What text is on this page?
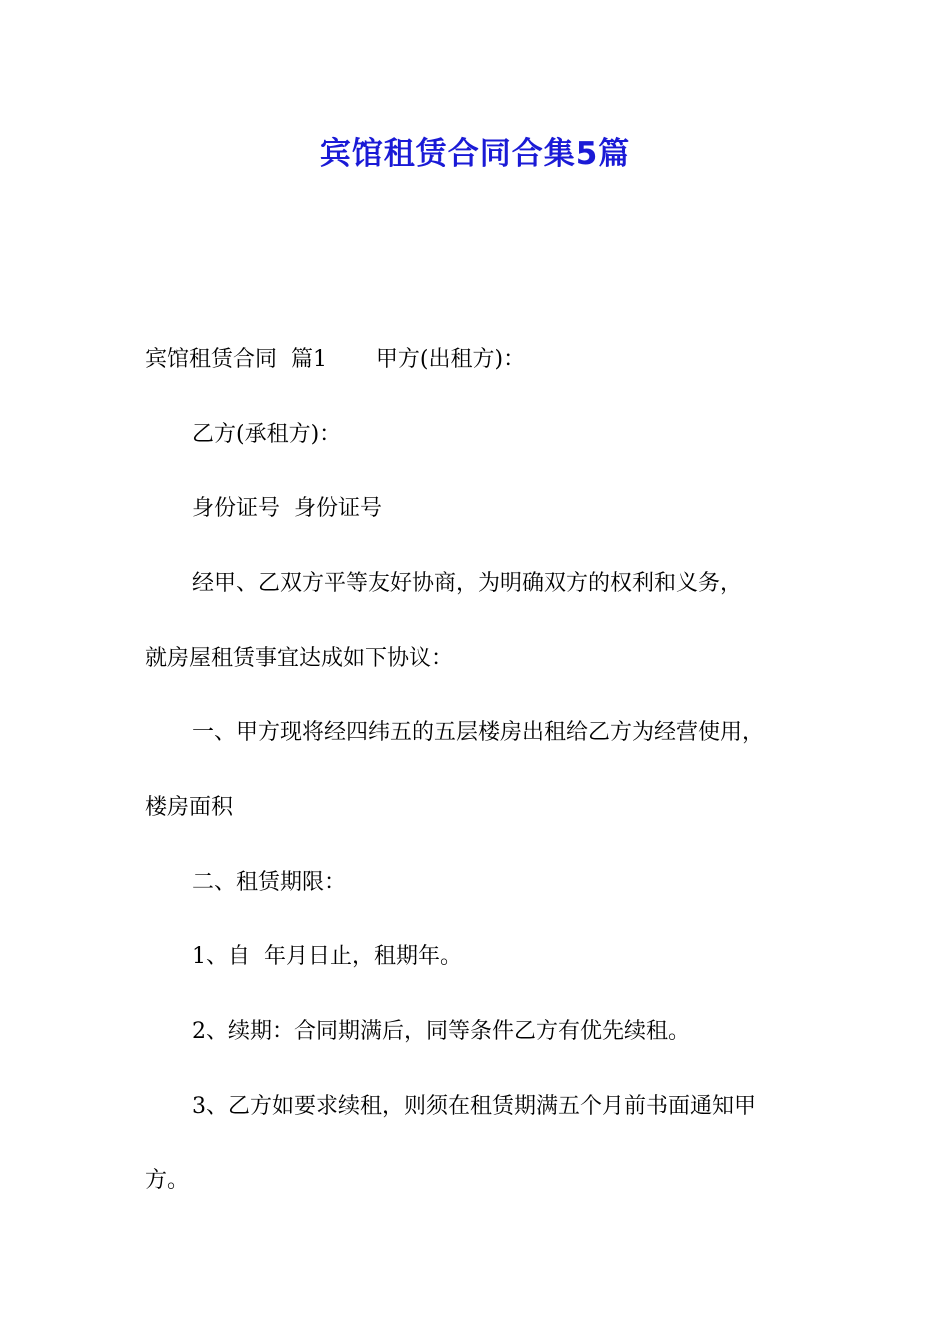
宾馆租赁合同合集5篇
宾馆租赁合同  篇1       甲方(出租方)：
乙方(承租方)：
身份证号  身份证号
经甲、乙双方平等友好协商，为明确双方的权利和义务，
就房屋租赁事宜达成如下协议：
一、甲方现将经四纬五的五层楼房出租给乙方为经营使用，
楼房面积
二、租赁期限：
1、自  年月日止，租期年。
2、续期：合同期满后，同等条件乙方有优先续租。
3、乙方如要求续租，则须在租赁期满五个月前书面通知甲
方。
